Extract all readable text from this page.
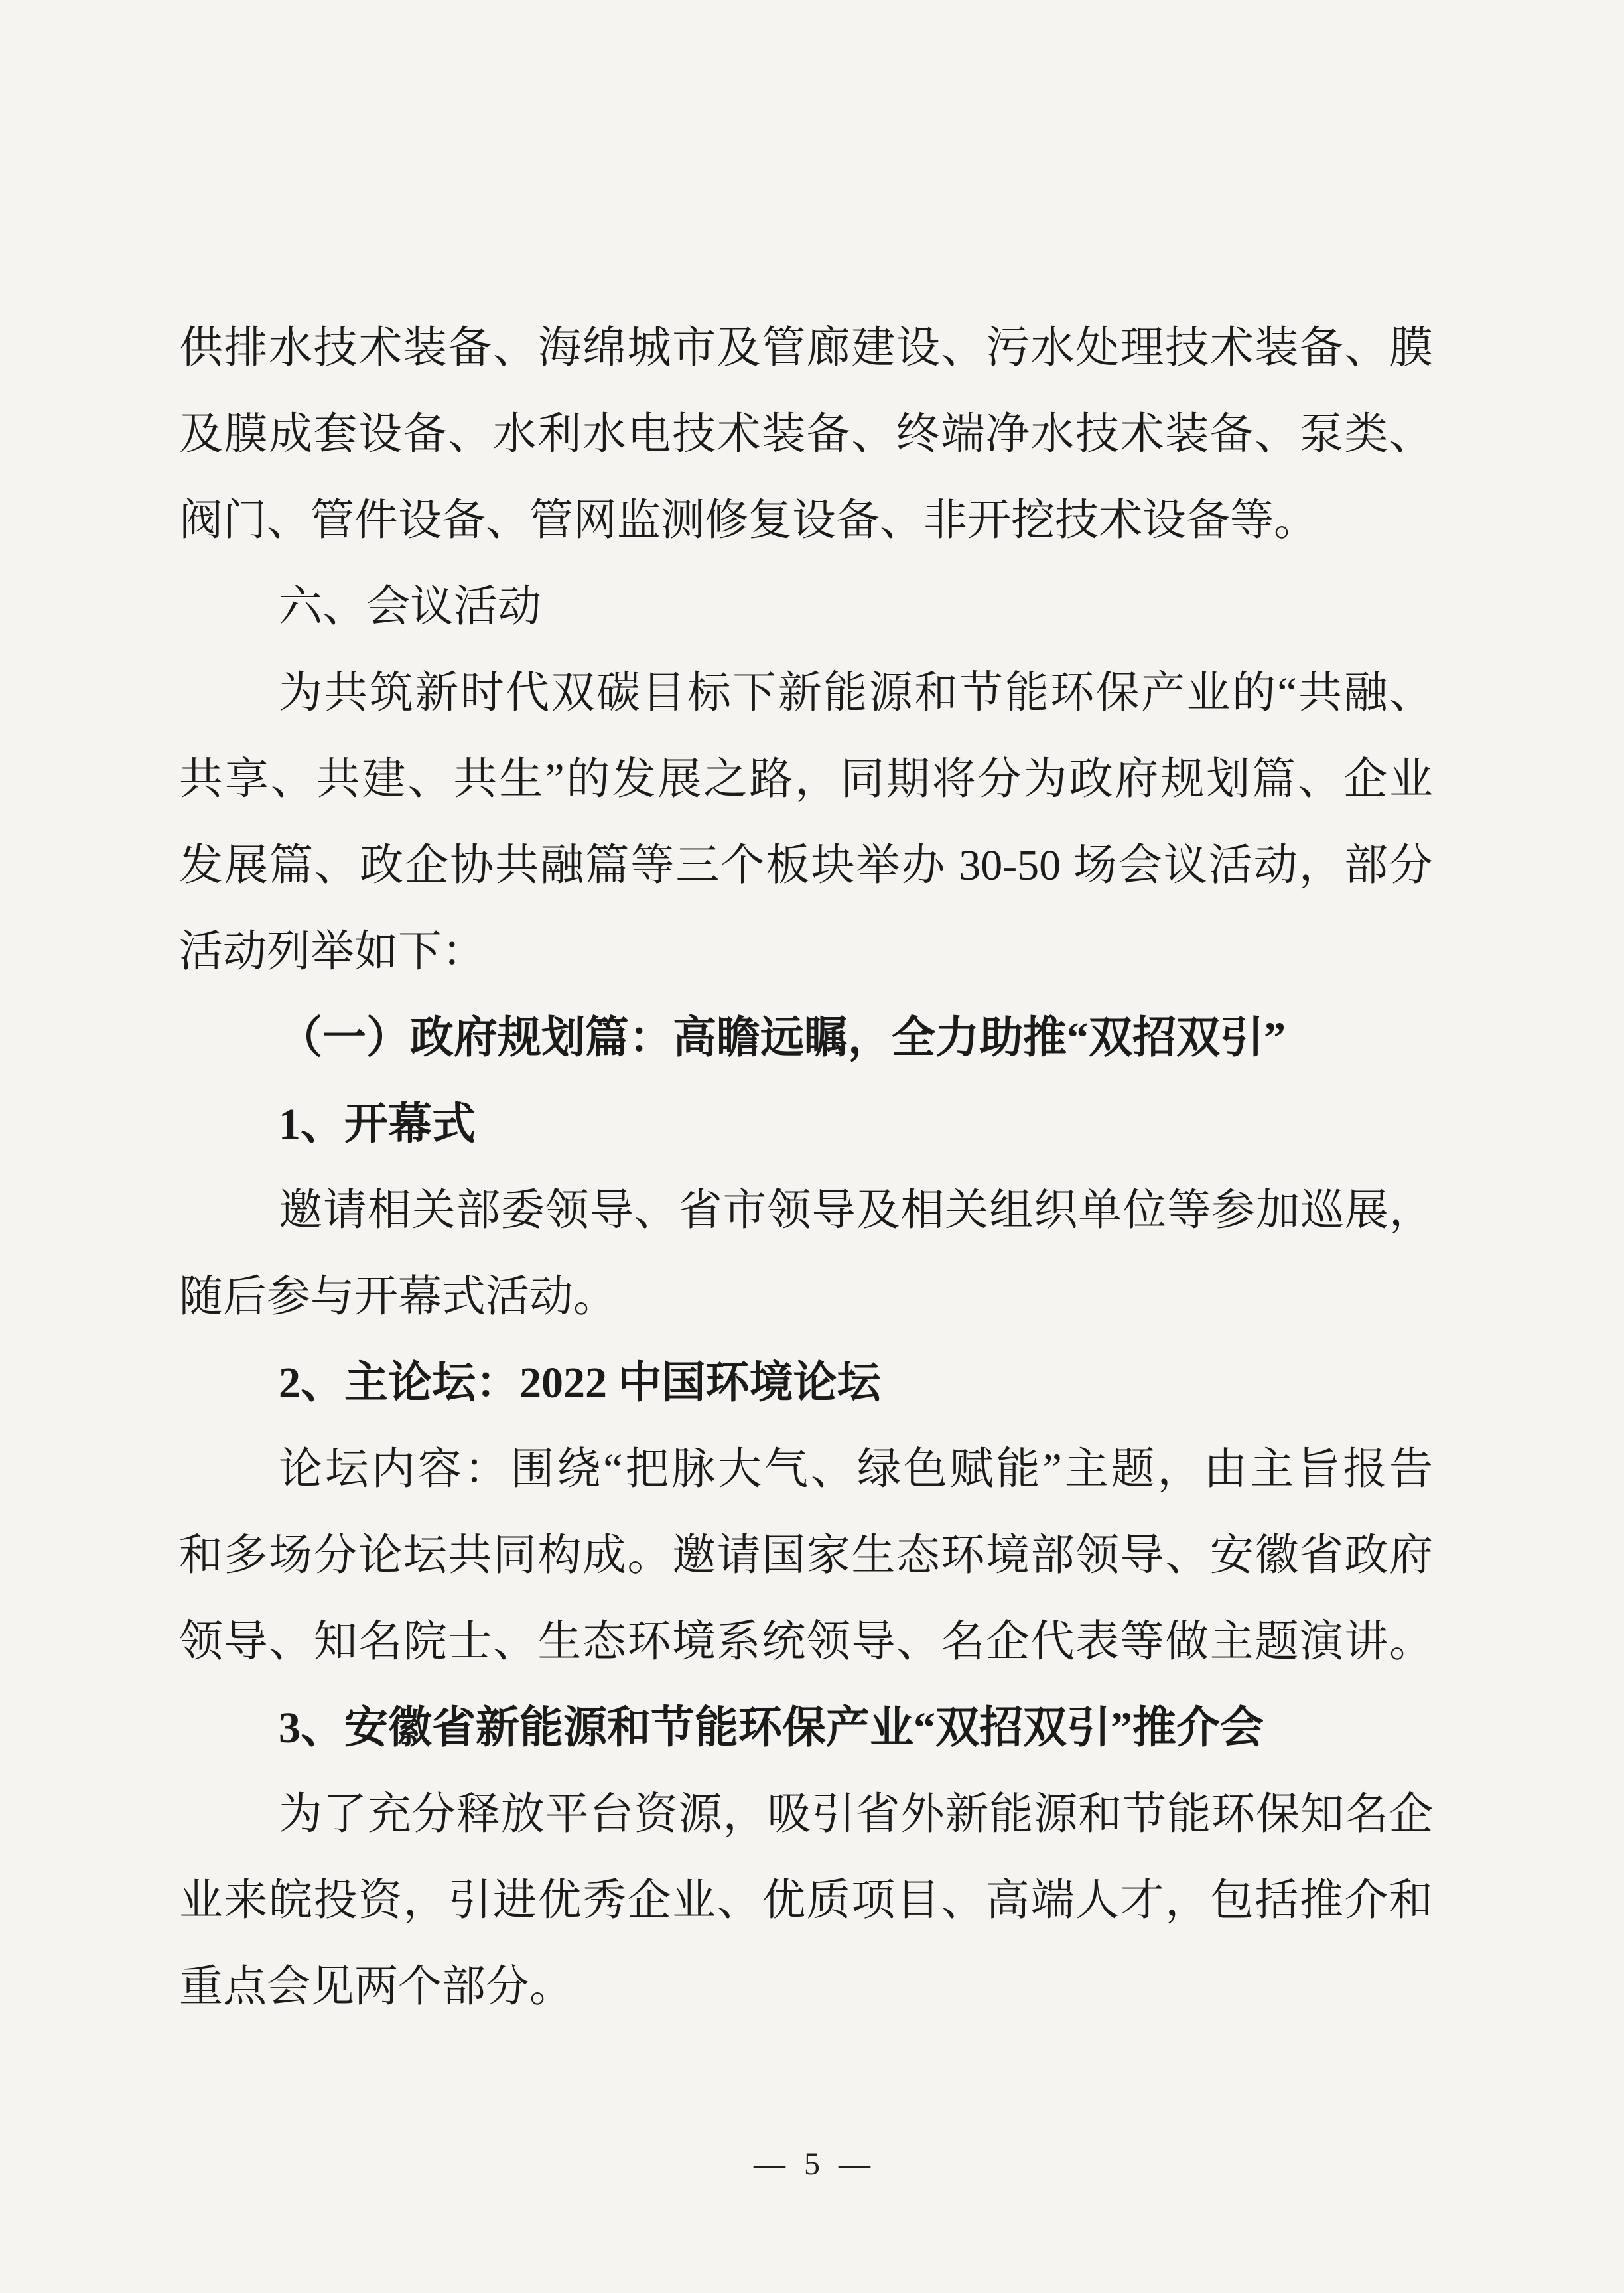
供排水技术装备、海绵城市及管廊建设、污水处理技术装备、膜
及膜成套设备、水利水电技术装备、终端净水技术装备、泵类、
阀门、管件设备、管网监测修复设备、非开挖技术设备等。
六、会议活动
为共筑新时代双碳目标下新能源和节能环保产业的“共融、
共享、共建、共生”的发展之路，同期将分为政府规划篇、企业
发展篇、政企协共融篇等三个板块举办 30-50 场会议活动，部分
活动列举如下：
（一）政府规划篇：高瞻远瞩，全力助推“双招双引”
1、开幕式
邀请相关部委领导、省市领导及相关组织单位等参加巡展，
随后参与开幕式活动。
2、主论坛：2022 中国环境论坛
论坛内容：围绕“把脉大气、绿色赋能”主题，由主旨报告
和多场分论坛共同构成。邀请国家生态环境部领导、安徽省政府
领导、知名院士、生态环境系统领导、名企代表等做主题演讲。
3、安徽省新能源和节能环保产业“双招双引”推介会
为了充分释放平台资源，吸引省外新能源和节能环保知名企
业来皖投资，引进优秀企业、优质项目、高端人才，包括推介和
重点会见两个部分。
— 5 —
